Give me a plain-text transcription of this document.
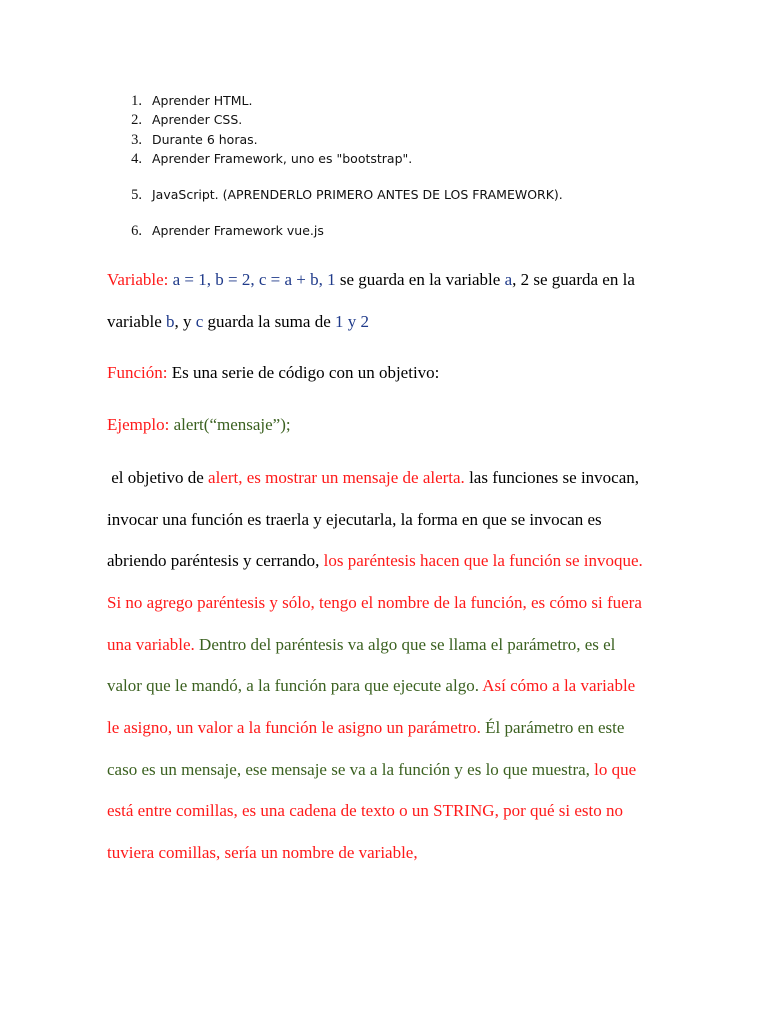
1. Aprender HTML.
2. Aprender CSS.
3. Durante 6 horas.
4. Aprender Framework, uno es "bootstrap".
5. JavaScript. (APRENDERLO PRIMERO ANTES DE LOS FRAMEWORK).
6. Aprender Framework vue.js
Variable: a = 1, b = 2, c = a + b, 1 se guarda en la variable a, 2 se guarda en la
variable b, y c guarda la suma de 1 y 2
Función: Es una serie de código con un objetivo:
Ejemplo: alert(“mensaje”);
el objetivo de alert, es mostrar un mensaje de alerta. las funciones se invocan,
invocar una función es traerla y ejecutarla, la forma en que se invocan es
abriendo paréntesis y cerrando, los paréntesis hacen que la función se invoque.
Si no agrego paréntesis y sólo, tengo el nombre de la función, es cómo si fuera
una variable. Dentro del paréntesis va algo que se llama el parámetro, es el
valor que le mandó, a la función para que ejecute algo. Así cómo a la variable
le asigno, un valor a la función le asigno un parámetro. Él parámetro en este
caso es un mensaje, ese mensaje se va a la función y es lo que muestra, lo que
está entre comillas, es una cadena de texto o un STRING, por qué si esto no
tuviera comillas, sería un nombre de variable,
